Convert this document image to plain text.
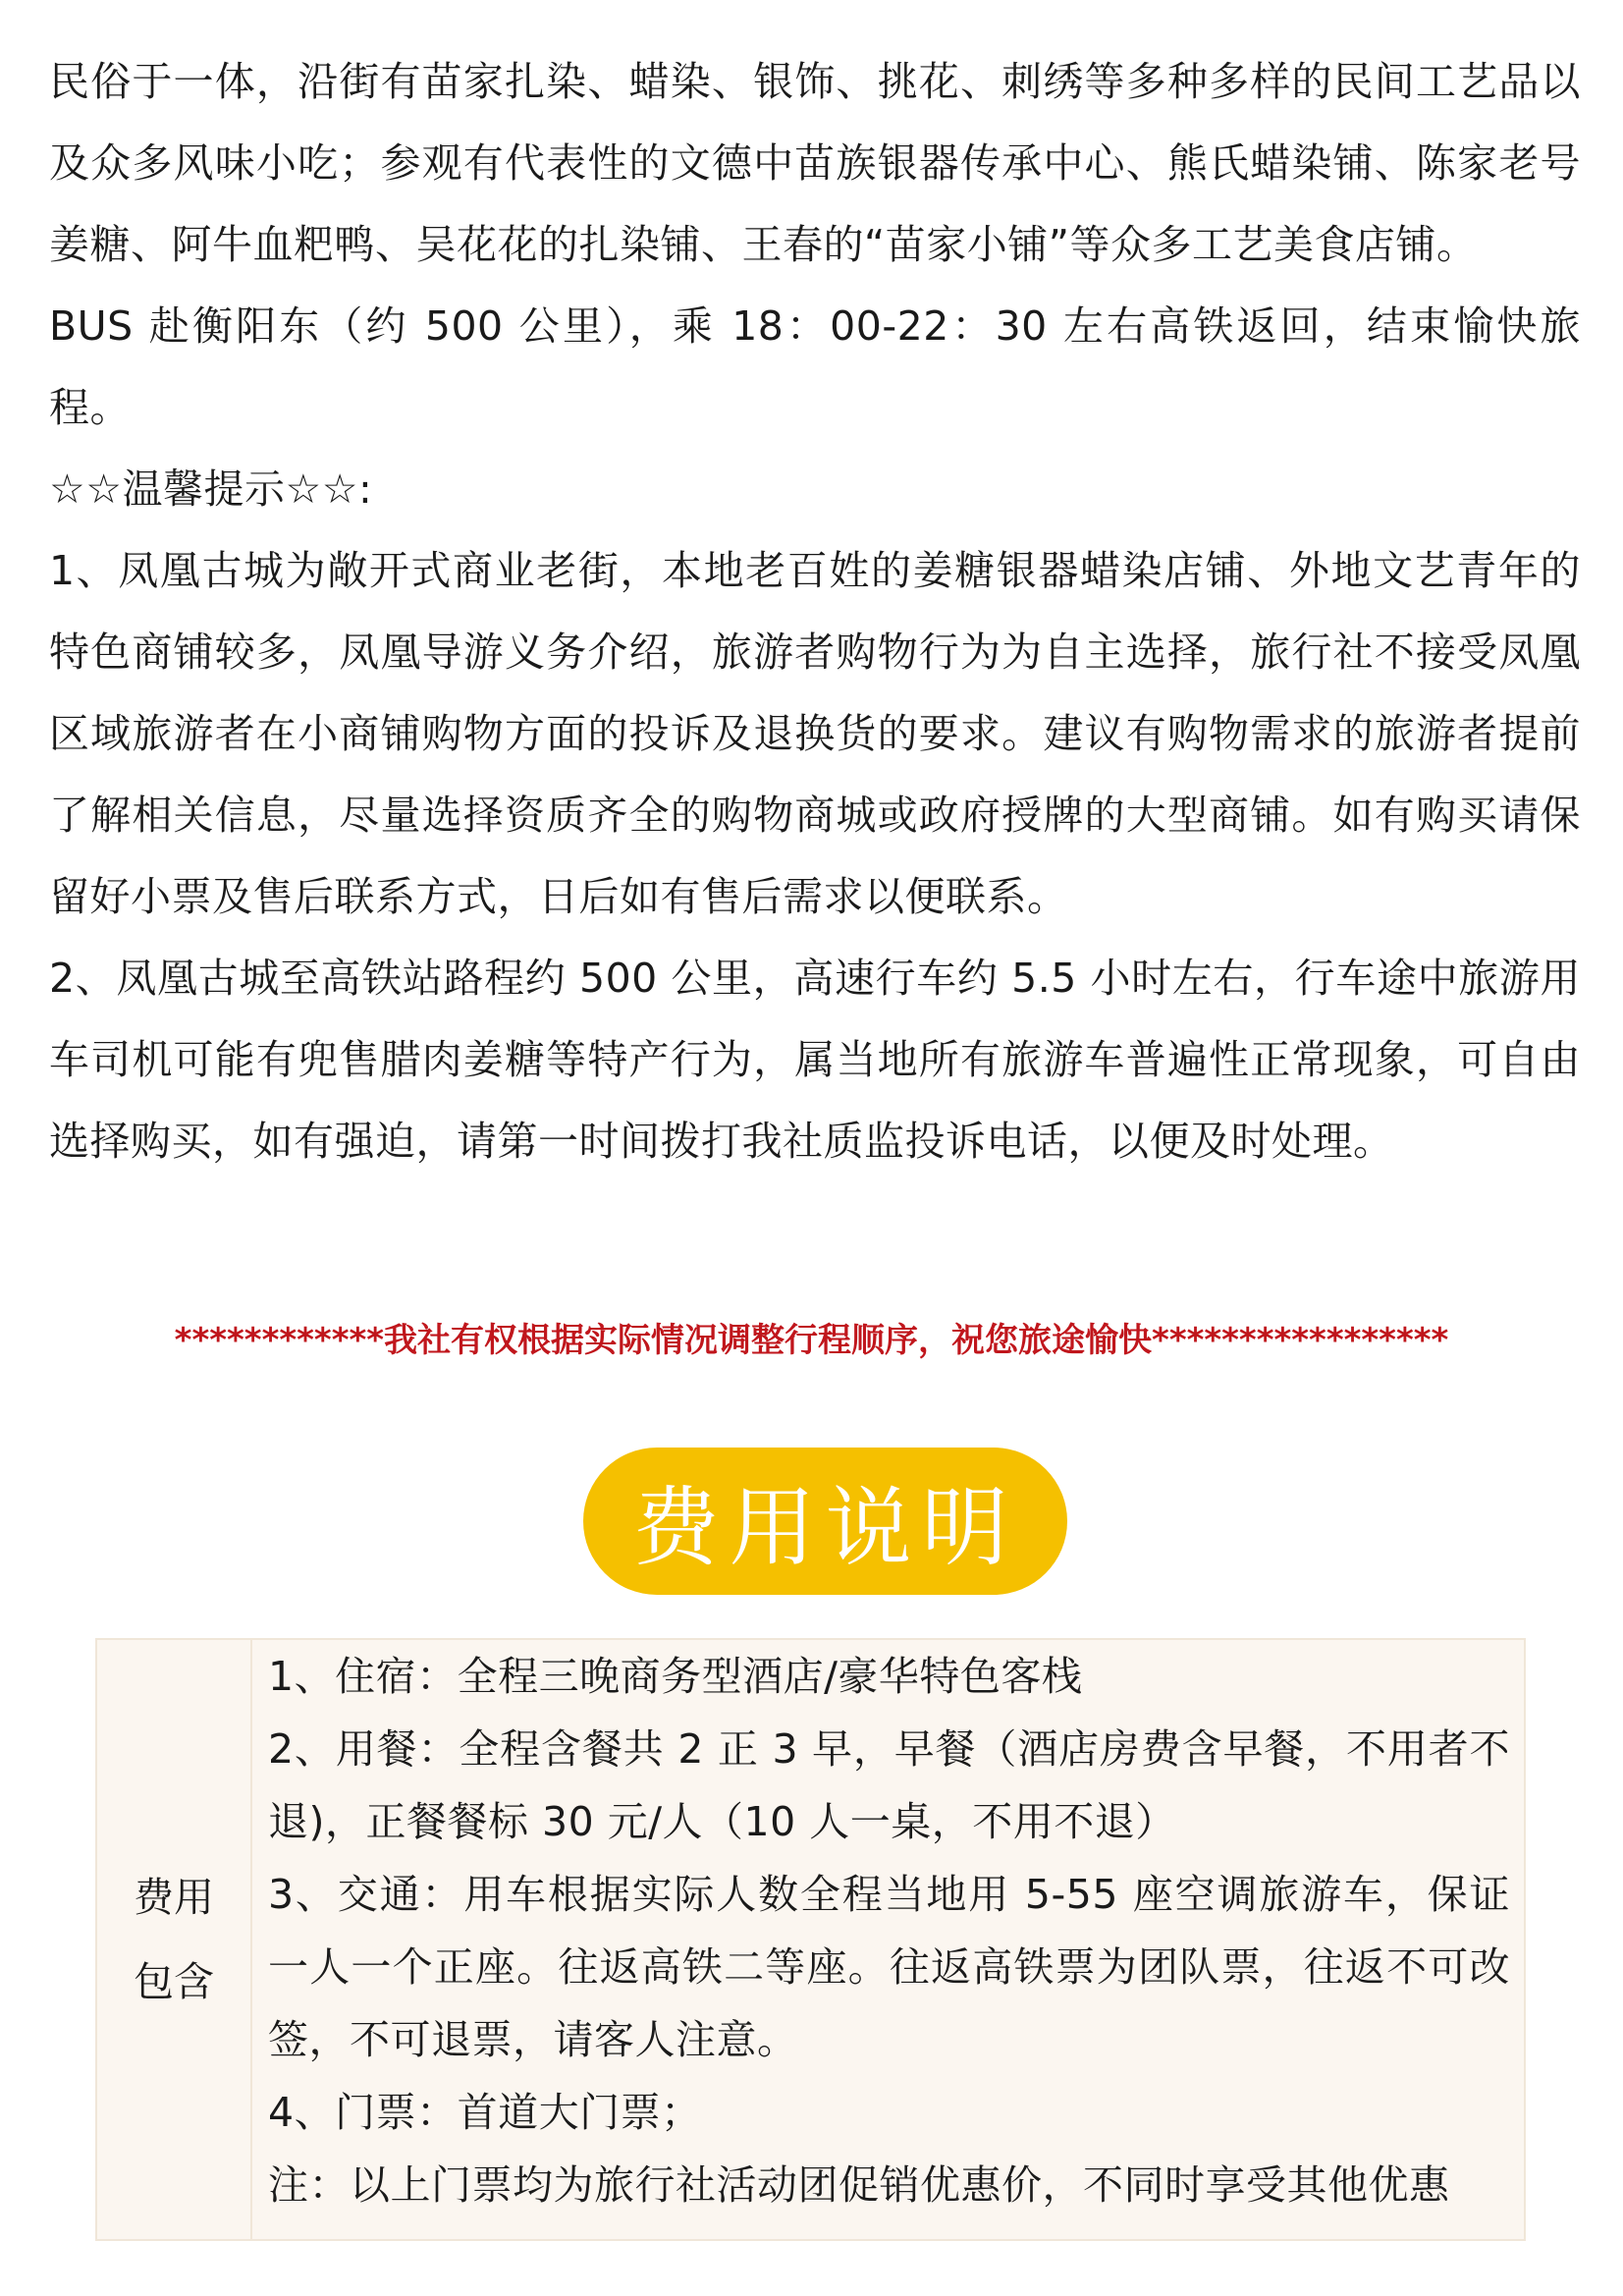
民俗于一体，沿街有苗家扎染、蜡染、银饰、挑花、刺绣等多种多样的民间工艺品以及众多风味小吃；参观有代表性的文德中苗族银器传承中心、熊氏蜡染铺、陈家老号姜糖、阿牛血粑鸭、吴花花的扎染铺、王春的“苗家小铺”等众多工艺美食店铺。

BUS 赴衡阳东（约 500 公里），乘 18：00-22：30 左右高铁返回，结束愉快旅程。

☆☆温馨提示☆☆:

1、凤凰古城为敞开式商业老街，本地老百姓的姜糖银器蜡染店铺、外地文艺青年的特色商铺较多，凤凰导游义务介绍，旅游者购物行为为自主选择，旅行社不接受凤凰区域旅游者在小商铺购物方面的投诉及退换货的要求。建议有购物需求的旅游者提前了解相关信息，尽量选择资质齐全的购物商城或政府授牌的大型商铺。如有购买请保留好小票及售后联系方式，日后如有售后需求以便联系。

2、凤凰古城至高铁站路程约 500 公里，高速行车约 5.5 小时左右，行车途中旅游用车司机可能有兜售腊肉姜糖等特产行为，属当地所有旅游车普遍性正常现象，可自由选择购买，如有强迫，请第一时间拨打我社质监投诉电话，以便及时处理。

************我社有权根据实际情况调整行程顺序，祝您旅途愉快*****************
费用说明
费用包含

1、住宿：全程三晚商务型酒店/豪华特色客栈

2、用餐：全程含餐共 2 正 3 早，早餐（酒店房费含早餐，不用者不退)，正餐餐标 30 元/人（10 人一桌，不用不退）

3、交通：用车根据实际人数全程当地用 5-55 座空调旅游车，保证一人一个正座。往返高铁二等座。往返高铁票为团队票，往返不可改签，不可退票，请客人注意。

4、门票：首道大门票；

注：以上门票均为旅行社活动团促销优惠价，不同时享受其他优惠
